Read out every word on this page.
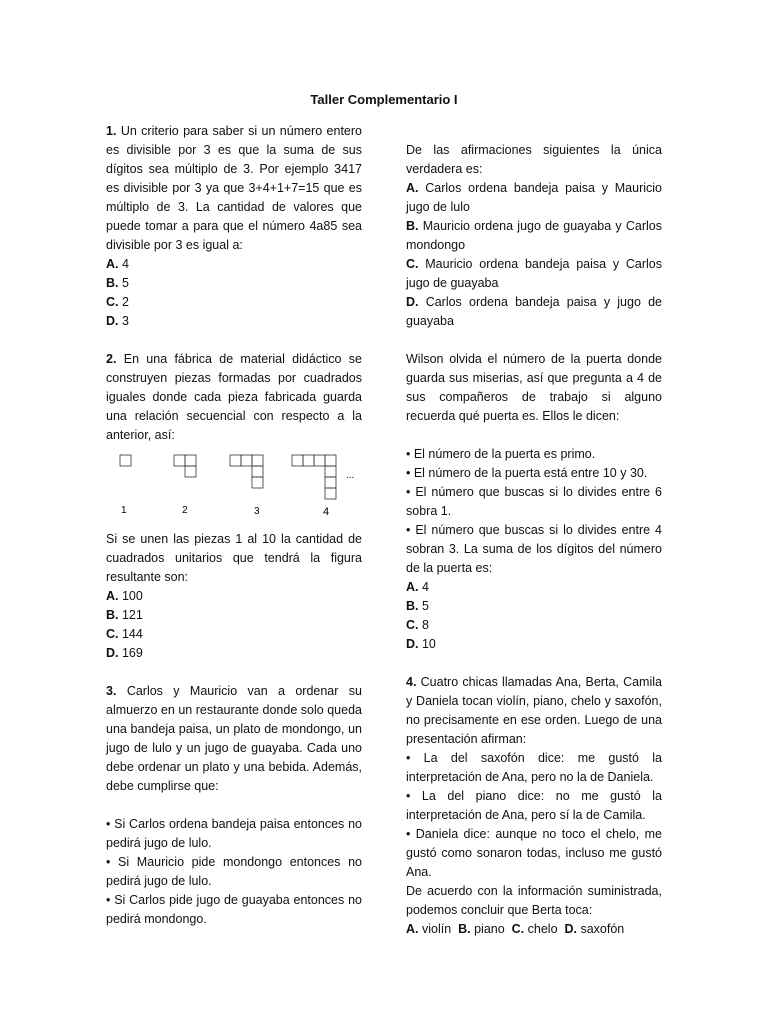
Taller Complementario I

1. Un criterio para saber si un número entero es divisible por 3 es que la suma de sus dígitos sea múltiplo de 3. Por ejemplo 3417 es divisible por 3 ya que 3+4+1+7=15 que es múltiplo de 3. La cantidad de valores que puede tomar a para que el número 4a85 sea divisible por 3 es igual a:

A. 4
B. 5
C. 2
D. 3

2. En una fábrica de material didáctico se construyen piezas formadas por cuadrados iguales donde cada pieza fabricada guarda una relación secuencial con respecto a la anterior, así:

...
1	2	3	4

Si se unen las piezas 1 al 10 la cantidad de cuadrados unitarios que tendrá la figura resultante son:

A. 100
B. 121
C. 144
D. 169

3. Carlos y Mauricio van a ordenar su almuerzo en un restaurante donde solo queda una bandeja paisa, un plato de mondongo, un jugo de lulo y un jugo de guayaba. Cada uno debe ordenar un plato y una bebida. Además, debe cumplirse que:

• Si Carlos ordena bandeja paisa entonces no pedirá jugo de lulo.

• Si Mauricio pide mondongo entonces no pedirá jugo de lulo.

• Si Carlos pide jugo de guayaba entonces no pedirá mondongo.

De las afirmaciones siguientes la única verdadera es:

A. Carlos ordena bandeja paisa y Mauricio jugo de lulo
B. Mauricio ordena jugo de guayaba y Carlos mondongo
C. Mauricio ordena bandeja paisa y Carlos jugo de guayaba
D. Carlos ordena bandeja paisa y jugo de guayaba

Wilson olvida el número de la puerta donde guarda sus miserias, así que pregunta a 4 de sus compañeros de trabajo si alguno recuerda qué puerta es. Ellos le dicen:

• El número de la puerta es primo.

• El número de la puerta está entre 10 y 30.

• El número que buscas si lo divides entre 6 sobra 1.

• El número que buscas si lo divides entre 4 sobran 3. La suma de los dígitos del número de la puerta es:

A. 4
B. 5
C. 8
D. 10

4. Cuatro chicas llamadas Ana, Berta, Camila y Daniela tocan violín, piano, chelo y saxofón, no precisamente en ese orden. Luego de una presentación afirman:

• La del saxofón dice: me gustó la interpretación de Ana, pero no la de Daniela.

• La del piano dice: no me gustó la interpretación de Ana, pero sí la de Camila.

• Daniela dice: aunque no toco el chelo, me gustó como sonaron todas, incluso me gustó Ana.

De acuerdo con la información suministrada, podemos concluir que Berta toca:

A. violín B. piano C. chelo D. saxofón
